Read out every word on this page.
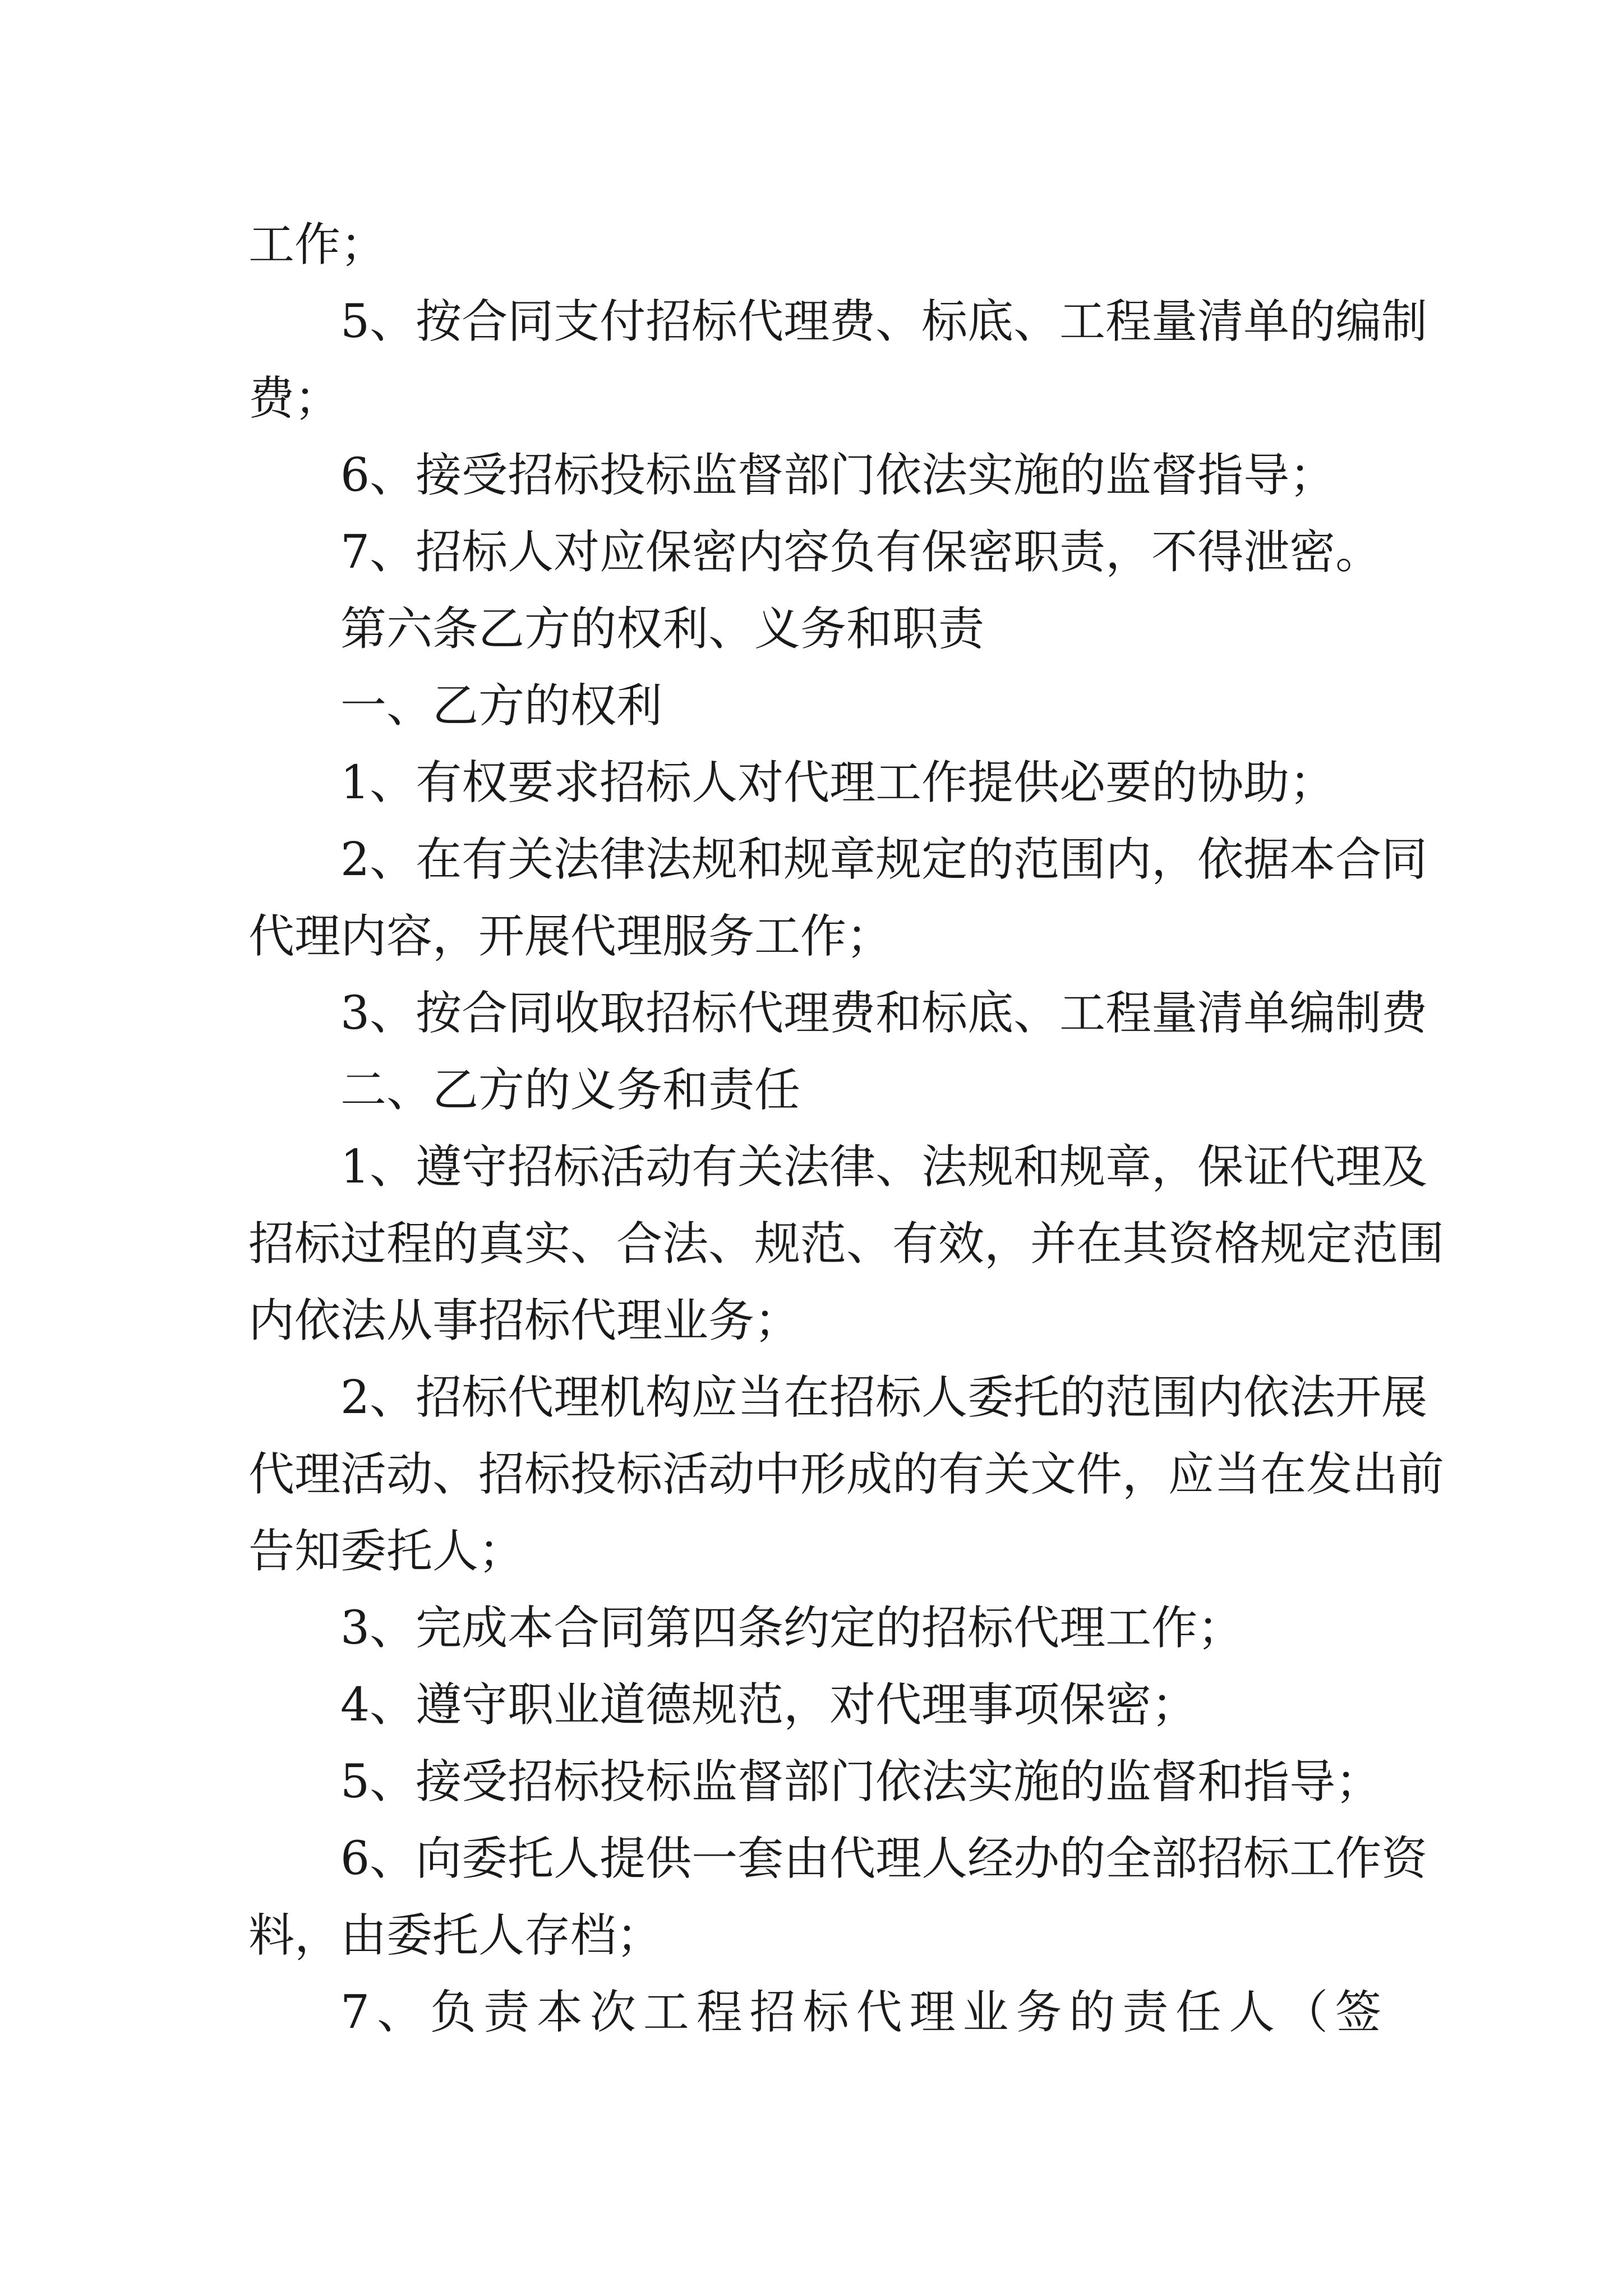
工作；
5、按合同支付招标代理费、标底、工程量清单的编制
费；
6、接受招标投标监督部门依法实施的监督指导；
7、招标人对应保密内容负有保密职责，不得泄密。
第六条乙方的权利、义务和职责
一、乙方的权利
1、有权要求招标人对代理工作提供必要的协助；
2、在有关法律法规和规章规定的范围内，依据本合同
代理内容，开展代理服务工作；
3、按合同收取招标代理费和标底、工程量清单编制费
二、乙方的义务和责任
1、遵守招标活动有关法律、法规和规章，保证代理及
招标过程的真实、合法、规范、有效，并在其资格规定范围
内依法从事招标代理业务；
2、招标代理机构应当在招标人委托的范围内依法开展
代理活动、招标投标活动中形成的有关文件，应当在发出前
告知委托人；
3、完成本合同第四条约定的招标代理工作；
4、遵守职业道德规范，对代理事项保密；
5、接受招标投标监督部门依法实施的监督和指导；
6、向委托人提供一套由代理人经办的全部招标工作资
料，由委托人存档；
7、负责本次工程招标代理业务的责任人（签
